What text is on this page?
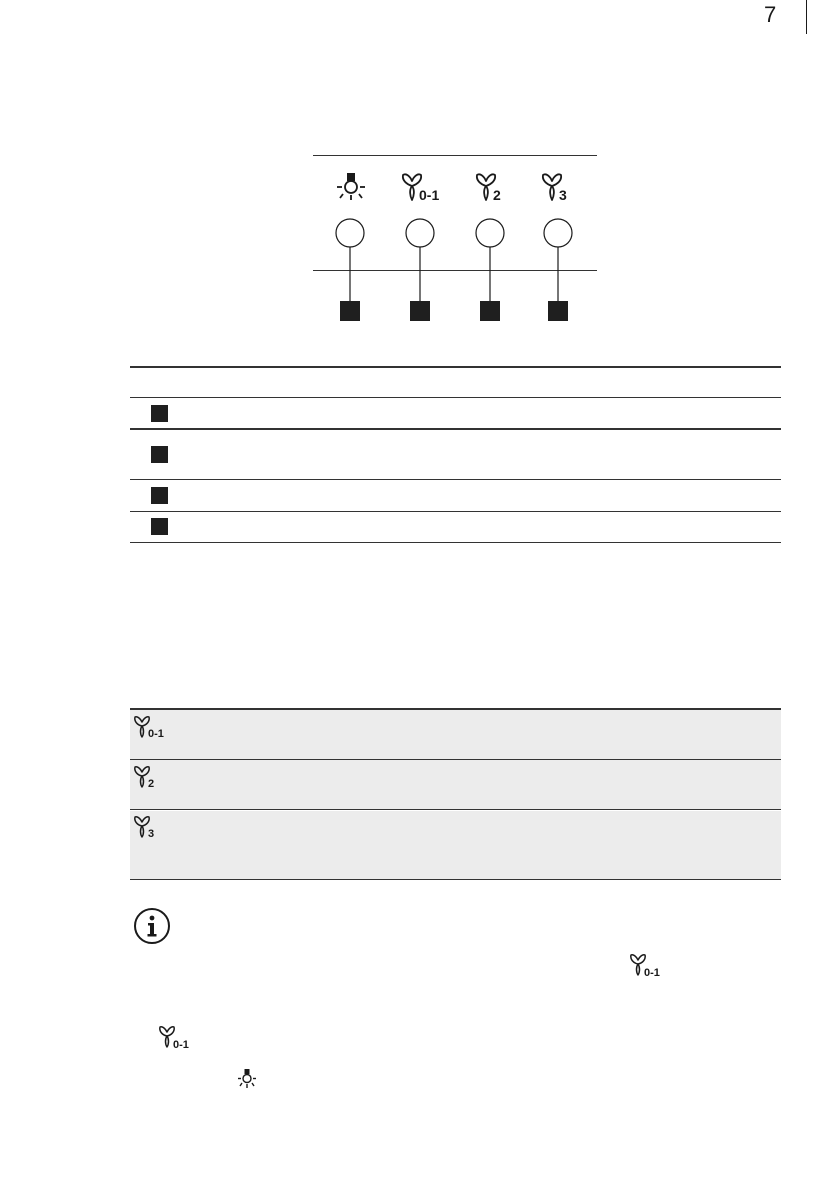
7
0-1	2	3
0-1
2
3
0-1
0-1
